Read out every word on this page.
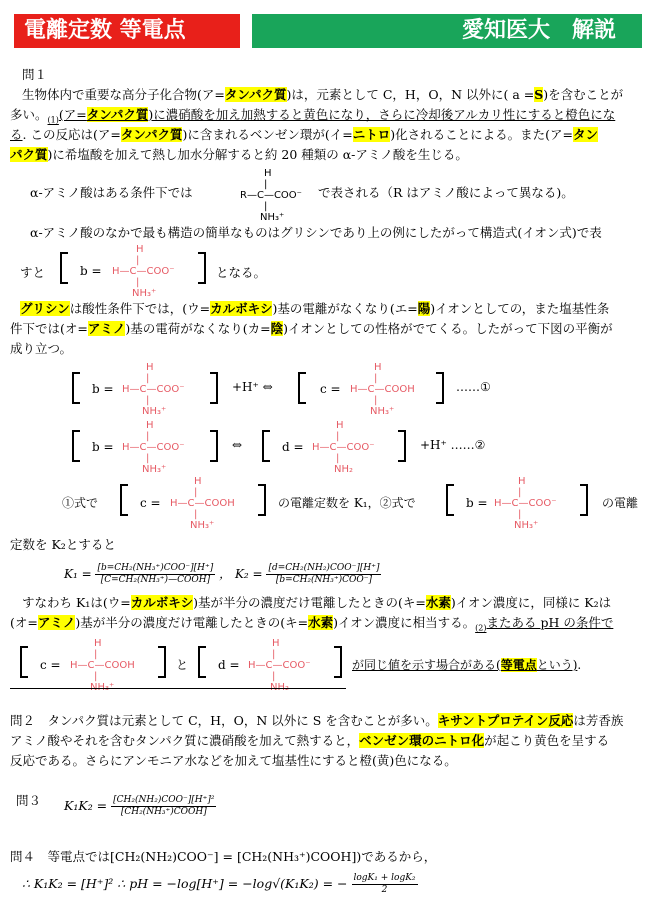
電離定数 等電点	愛知医大　解説
問１
生物体内で重要な高分子化合物(ア=タンパク質)は，元素として C，H，O，N 以外に( a =S)を含むことが
多い。$_{(1)}$(ア=タンパク質)に濃硝酸を加え加熱すると黄色になり，さらに冷却後アルカリ性にすると橙色にな
る. この反応は(ア=タンパク質)に含まれるベンゼン環が(イ=ニトロ)化されることによる。また(ア=タン
パク質)に希塩酸を加えて熱し加水分解すると約 20 種類の α-アミノ酸を生じる。
α-アミノ酸はある条件下では
H
|
R—C—COO⁻
|
NH₃⁺
で表される（R はアミノ酸によって異なる)。
α-アミノ酸のなかで最も構造の簡単なものはグリシンであり上の例にしたがって構造式(イオン式)で表
すと	b =
H
|
H—C—COO⁻
|
NH₃⁺
となる。
グリシンは酸性条件下では，(ウ=カルボキシ)基の電離がなくなり(エ=陽)イオンとしての，また塩基性条
件下では(オ=アミノ)基の電荷がなくなり(カ=陰)イオンとしての性格がでてくる。したがって下図の平衡が
成り立つ。
b =
H
|
H—C—COO⁻
|
NH₃⁺
+H⁺ ⇔	c =
H
|
H—C—COOH
|
NH₃⁺
……①
b =
H
|
H—C—COO⁻
|
NH₃⁺
⇔	d =
H
|
H—C—COO⁻
|
NH₂
+H⁺ ……②
①式で	c =
H
|
H—C—COOH
|
NH₃⁺
の電離定数を K₁，②式で	b =
H
|
H—C—COO⁻
|
NH₃⁺
の電離
定数を K₂とすると
$K_1 = \frac{\text{[b=CH₂(NH₃⁺)COO⁻][H⁺]}}{\text{[C=CH₂(NH₃⁺)—COOH]}}$ ， $K_2 = \frac{\text{[d=CH₂(NH₂)COO⁻][H⁺]}}{\text{[b=CH₂(NH₃⁺)COO⁻]}}$
すなわち K₁は(ウ=カルボキシ)基が半分の濃度だけ電離したときの(キ=水素)イオン濃度に，同様に K₂は
(オ=アミノ)基が半分の濃度だけ電離したときの(キ=水素)イオン濃度に相当する。$_{(2)}$またある pH の条件で
c =
H
|
H—C—COOH
|
NH₃⁺
と d =
H
|
H—C—COO⁻
|
NH₂
が同じ値を示す場合がある(等電点という).
問２　タンパク質は元素として C，H，O，N 以外に S を含むことが多い。キサントプロテイン反応は芳香族
アミノ酸やそれを含むタンパク質に濃硝酸を加えて熱すると，ベンゼン環のニトロ化が起こり黄色を呈する
反応である。さらにアンモニア水などを加えて塩基性にすると橙(黄)色になる。
問３	$K_1K_2 = \frac{\text{[CH₂(NH₂)COO⁻][H⁺]²}}{\text{[CH₂(NH₃⁺)COOH]}}$
問４　 等電点では[CH₂(NH₂)COO⁻] = [CH₂(NH₃⁺)COOH])であるから，
∴ K₁K₂ = [H⁺]² ∴ pH = −log[H⁺] = −log√(K₁K₂) = − $\frac{\text{logK₁ + logK₂}}{2}$
